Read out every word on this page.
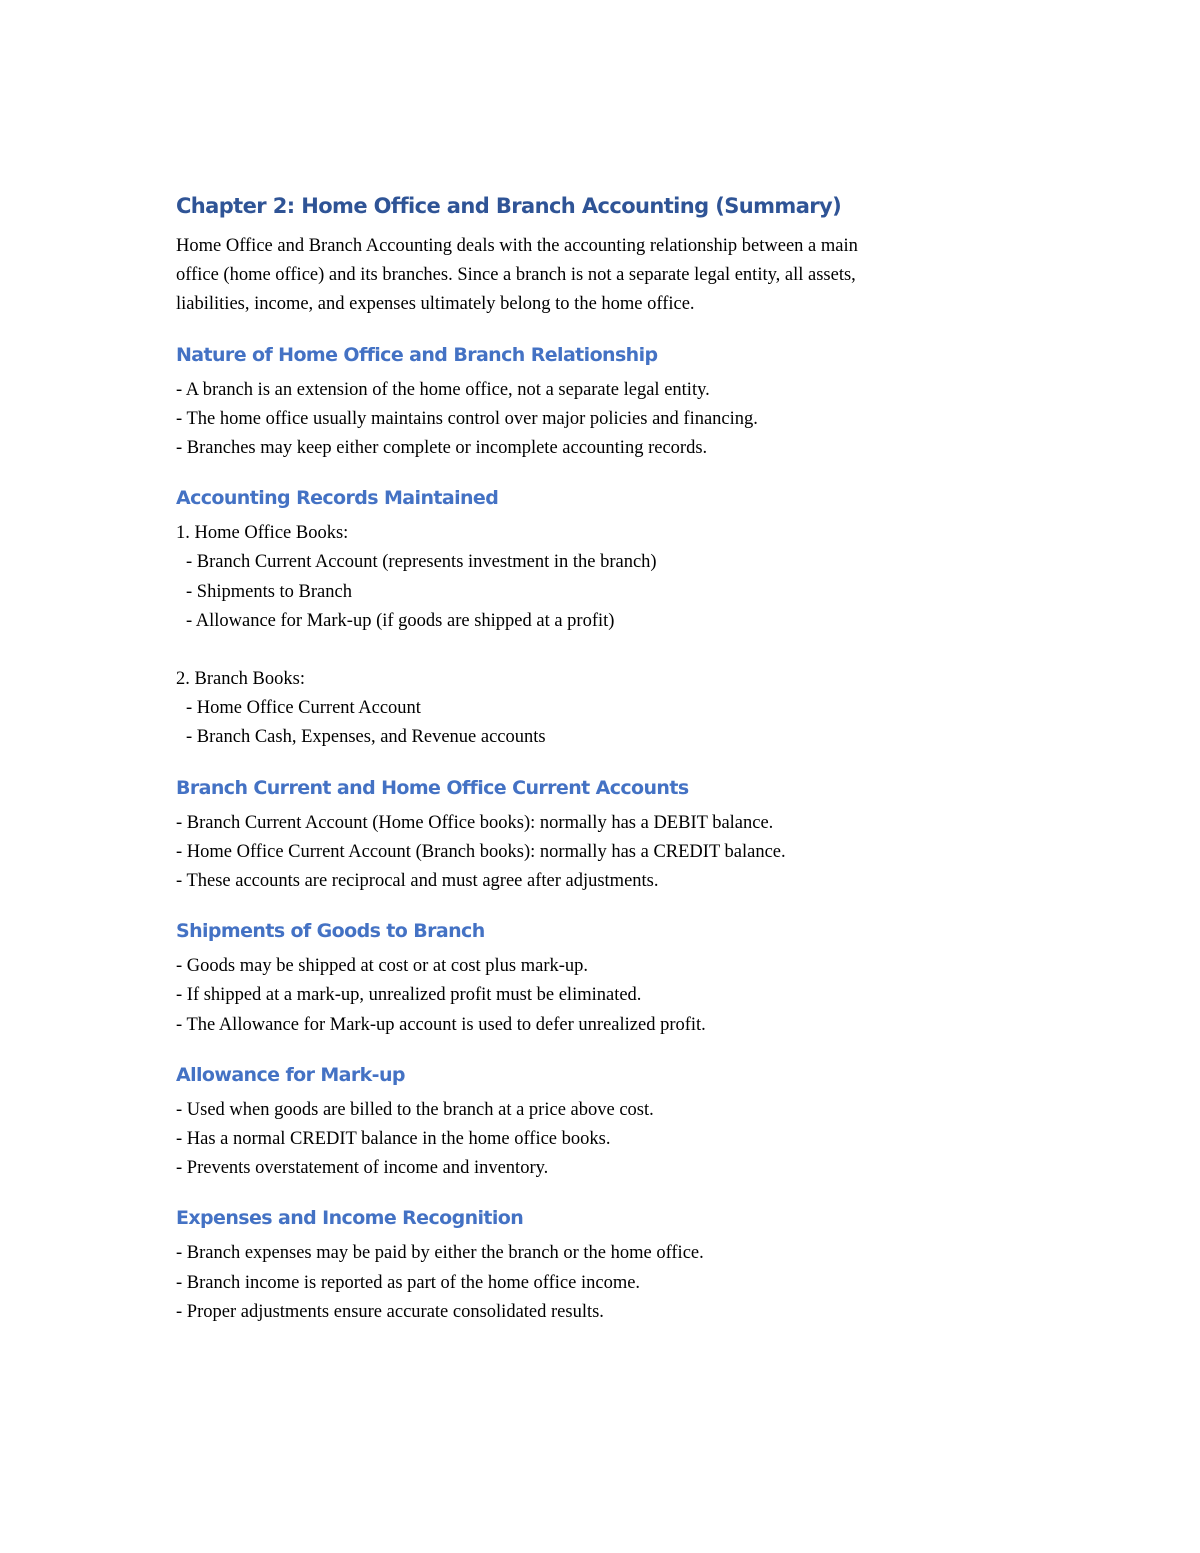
Chapter 2: Home Office and Branch Accounting (Summary)
Home Office and Branch Accounting deals with the accounting relationship between a main
office (home office) and its branches. Since a branch is not a separate legal entity, all assets,
liabilities, income, and expenses ultimately belong to the home office.
Nature of Home Office and Branch Relationship
- A branch is an extension of the home office, not a separate legal entity.
- The home office usually maintains control over major policies and financing.
- Branches may keep either complete or incomplete accounting records.
Accounting Records Maintained
1. Home Office Books:
- Branch Current Account (represents investment in the branch)
- Shipments to Branch
- Allowance for Mark-up (if goods are shipped at a profit)
2. Branch Books:
- Home Office Current Account
- Branch Cash, Expenses, and Revenue accounts
Branch Current and Home Office Current Accounts
- Branch Current Account (Home Office books): normally has a DEBIT balance.
- Home Office Current Account (Branch books): normally has a CREDIT balance.
- These accounts are reciprocal and must agree after adjustments.
Shipments of Goods to Branch
- Goods may be shipped at cost or at cost plus mark-up.
- If shipped at a mark-up, unrealized profit must be eliminated.
- The Allowance for Mark-up account is used to defer unrealized profit.
Allowance for Mark-up
- Used when goods are billed to the branch at a price above cost.
- Has a normal CREDIT balance in the home office books.
- Prevents overstatement of income and inventory.
Expenses and Income Recognition
- Branch expenses may be paid by either the branch or the home office.
- Branch income is reported as part of the home office income.
- Proper adjustments ensure accurate consolidated results.
